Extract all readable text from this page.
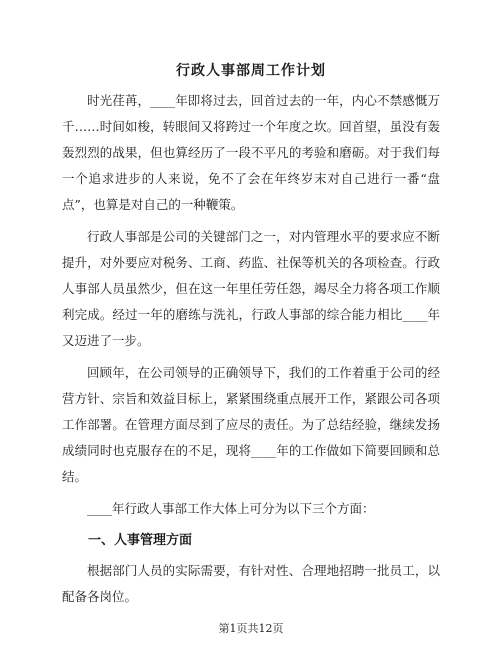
行政人事部周工作计划

时光荏苒，____年即将过去，回首过去的一年，内心不禁感慨万千……时间如梭，转眼间又将跨过一个年度之坎。回首望，虽没有轰轰烈烈的战果，但也算经历了一段不平凡的考验和磨砺。对于我们每一个追求进步的人来说，免不了会在年终岁末对自己进行一番“盘点”，也算是对自己的一种鞭策。

行政人事部是公司的关键部门之一，对内管理水平的要求应不断提升，对外要应对税务、工商、药监、社保等机关的各项检查。行政人事部人员虽然少，但在这一年里任劳任怨，竭尽全力将各项工作顺利完成。经过一年的磨练与洗礼，行政人事部的综合能力相比____年又迈进了一步。

回顾年，在公司领导的正确领导下，我们的工作着重于公司的经营方针、宗旨和效益目标上，紧紧围绕重点展开工作，紧跟公司各项工作部署。在管理方面尽到了应尽的责任。为了总结经验，继续发扬成绩同时也克服存在的不足，现将____年的工作做如下简要回顾和总结。

____年行政人事部工作大体上可分为以下三个方面：

一、人事管理方面

根据部门人员的实际需要，有针对性、合理地招聘一批员工，以配备各岗位。

第1页共12页
